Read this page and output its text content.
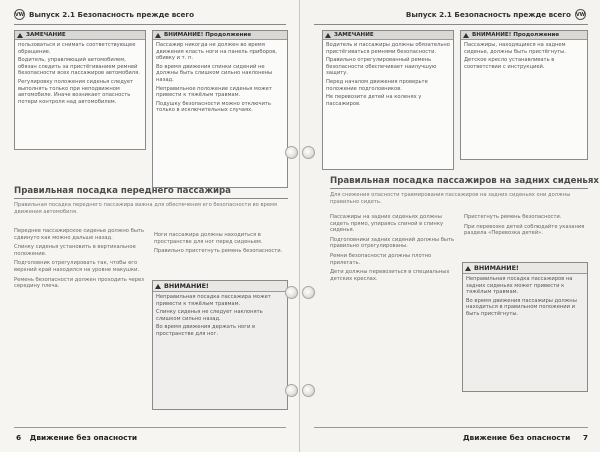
VW Выпуск 2.1 Безопасность прежде всего
ЗАМЕЧАНИЕ

пользоваться и снимать соответствующее обращение.

Водитель, управляющий автомобилем, обязан следить за пристёгиванием ремней безопасности всех пассажиров автомобиля.

Регулировку положения сиденья следует выполнять только при неподвижном автомобиле. Иначе возникает опасность потери контроля над автомобилем.

ВНИМАНИЕ! Продолжение

Пассажир никогда не должен во время движения класть ноги на панель приборов, обивку и т. п.

Во время движения спинки сидений не должны быть слишком сильно наклонены назад.

Неправильное положение сиденья может привести к тяжёлым травмам.

Подушку безопасности можно отключить только в исключительных случаях.

Правильная посадка переднего пассажира
Правильная посадка переднего пассажира важна для обеспечения его безопасности во время движения автомобиля.

Переднее пассажирское сиденье должно быть сдвинуто как можно дальше назад.

Спинку сиденья установить в вертикальное положение.

Подголовник отрегулировать так, чтобы его верхний край находился на уровне макушки.

Ремень безопасности должен проходить через середину плеча.

Ноги пассажира должны находиться в пространстве для ног перед сиденьем.

Правильно пристегнуть ремень безопасности.

ВНИМАНИЕ!

Неправильная посадка пассажира может привести к тяжёлым травмам.

Спинку сиденья не следует наклонять слишком сильно назад.

Во время движения держать ноги в пространстве для ног.

6 Движение без опасности
Выпуск 2.1 Безопасность прежде всего VW
ЗАМЕЧАНИЕ

Водитель и пассажиры должны обязательно пристёгиваться ремнями безопасности.

Правильно отрегулированный ремень безопасности обеспечивает наилучшую защиту.

Перед началом движения проверьте положение подголовников.

Не перевозите детей на коленях у пассажиров.

ВНИМАНИЕ! Продолжение

Пассажиры, находящиеся на заднем сиденье, должны быть пристёгнуты.

Детское кресло устанавливать в соответствии с инструкцией.

Правильная посадка пассажиров на задних сиденьях
Для снижения опасности травмирования пассажиров на задних сиденьях они должны правильно сидеть.

Пассажиры на задних сиденьях должны сидеть прямо, упираясь спиной в спинку сиденья.

Подголовники задних сидений должны быть правильно отрегулированы.

Ремни безопасности должны плотно прилегать.

Дети должны перевозиться в специальных детских креслах.

Пристегнуть ремень безопасности.

При перевозке детей соблюдайте указания раздела «Перевозка детей».

ВНИМАНИЕ!

Неправильная посадка пассажиров на задних сиденьях может привести к тяжёлым травмам.

Во время движения пассажиры должны находиться в правильном положении и быть пристёгнуты.

Движение без опасности 7
